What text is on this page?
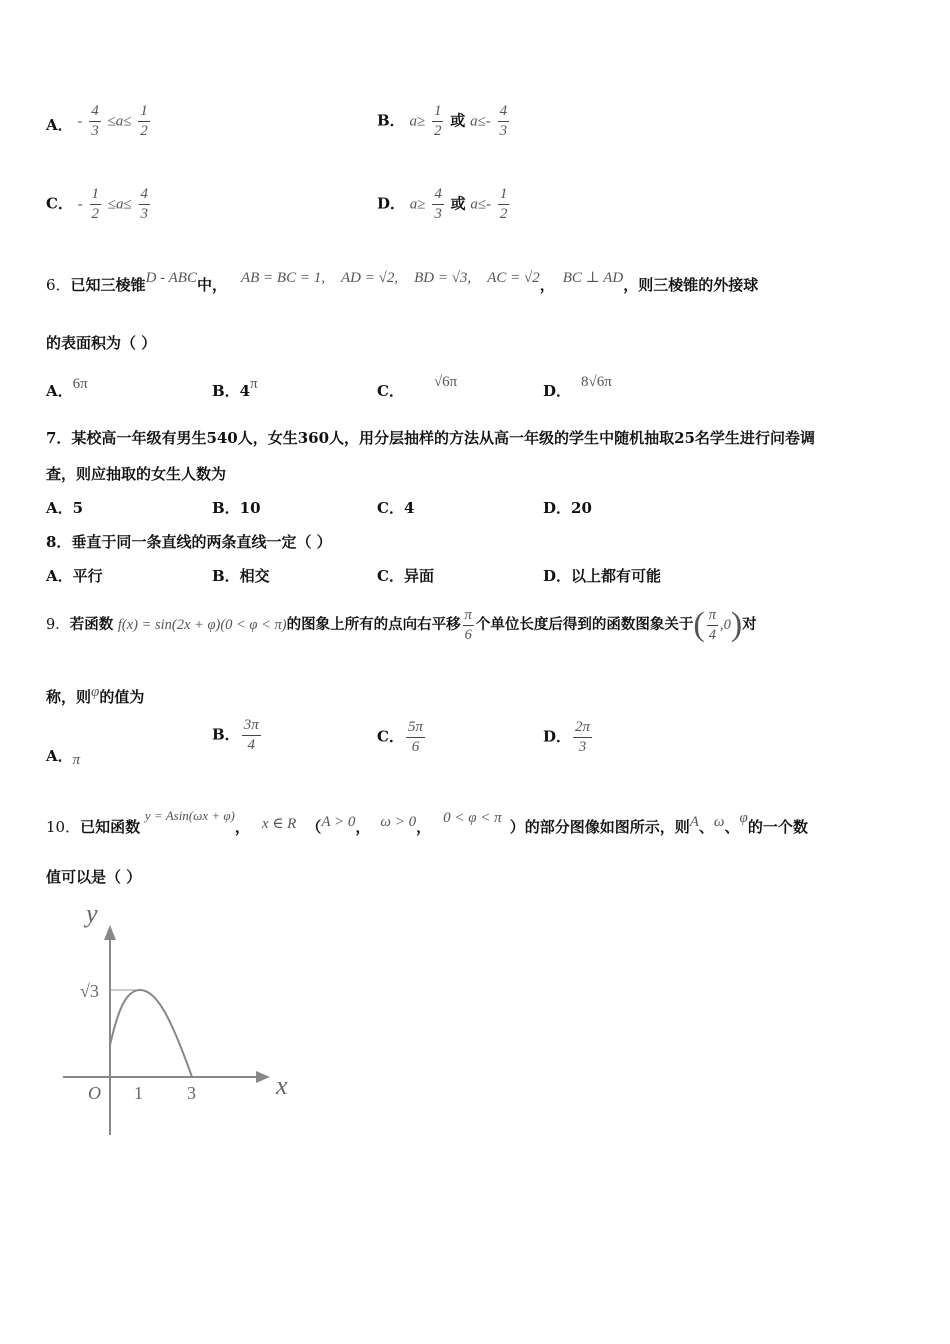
A． - $\frac{4}{3} \le a\le \frac{1}{2}$	B． $a\ge \frac{1}{2}$ 或 $a\le- \frac{4}{3}$
C． - $\frac{1}{2} \le a\le \frac{4}{3}$	D． $a\ge \frac{4}{3}$ 或 $a\le- \frac{1}{2}$
6．已知三棱锥D - ABC中， AB = BC = 1, AD = √2, BD = √3, AC = √2， BC ⊥ AD，则三棱锥的外接球
的表面积为（ ）
A．6π	B．4π	C． √6π	D． 8√6π
7．某校高一年级有男生540人，女生360人，用分层抽样的方法从高一年级的学生中随机抽取25名学生进行问卷调
查，则应抽取的女生人数为
A．5	B．10	C．4	D．20
8．垂直于同一条直线的两条直线一定（ ）
A．平行	B．相交	C．异面	D．以上都有可能
9．若函数 f(x) = sin(2x + φ)(0 < φ < π)的图象上所有的点向右平移 $\frac{\pi}{6}$ 个单位长度后得到的函数图象关于( $\frac{\pi}{4} ,0$)对
称，则φ的值为
A．π
B． $\frac{3\pi}{4}$	C． $\frac{5\pi}{6}$	D． $\frac{2\pi}{3}$
10．已知函数 y = Asin(ωx + φ)， x ∈ R （A > 0， ω > 0， 0 < φ < π ）的部分图像如图所示，则A、ω、φ的一个数
值可以是（ ）
y
x
O 1 3
√3
